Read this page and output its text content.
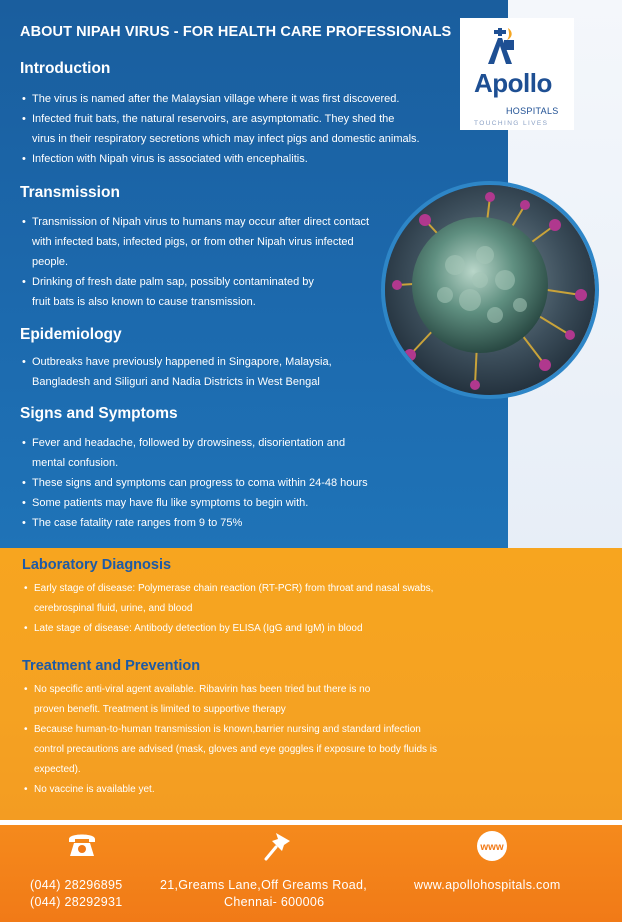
ABOUT NIPAH VIRUS - FOR HEALTH CARE PROFESSIONALS
Apollo
HOSPITALS
TOUCHING LIVES
Introduction
• The virus is named after the Malaysian village where it was first discovered.
• Infected fruit bats, the natural reservoirs, are asymptomatic. They shed the
virus in their respiratory secretions which may infect pigs and domestic animals.
• Infection with Nipah virus is associated with encephalitis.
Transmission
• Transmission of Nipah virus to humans may occur after direct contact
with infected bats, infected pigs, or from other Nipah virus infected
people.
• Drinking of fresh date palm sap, possibly contaminated by
fruit bats is also known to cause transmission.
Epidemiology
• Outbreaks have previously happened in Singapore, Malaysia,
Bangladesh and Siliguri and Nadia Districts in West Bengal
Signs and Symptoms
• Fever and headache, followed by drowsiness, disorientation and
mental confusion.
• These signs and symptoms can progress to coma within 24-48 hours
• Some patients may have flu like symptoms to begin with.
• The case fatality rate ranges from 9 to 75%
Laboratory Diagnosis
• Early stage of disease: Polymerase chain reaction (RT-PCR) from throat and nasal swabs,
cerebrospinal fluid, urine, and blood
• Late stage of disease: Antibody detection by ELISA (IgG and IgM) in blood
Treatment and Prevention
• No specific anti-viral agent available. Ribavirin has been tried but there is no
proven benefit. Treatment is limited to supportive therapy
• Because human-to-human transmission is known,barrier nursing and standard infection
control precautions are advised (mask, gloves and eye goggles if exposure to body fluids is
expected).
• No vaccine is available yet.
www
(044) 28296895
(044) 28292931
21,Greams Lane,Off Greams Road,
Chennai- 600006
www.apollohospitals.com
